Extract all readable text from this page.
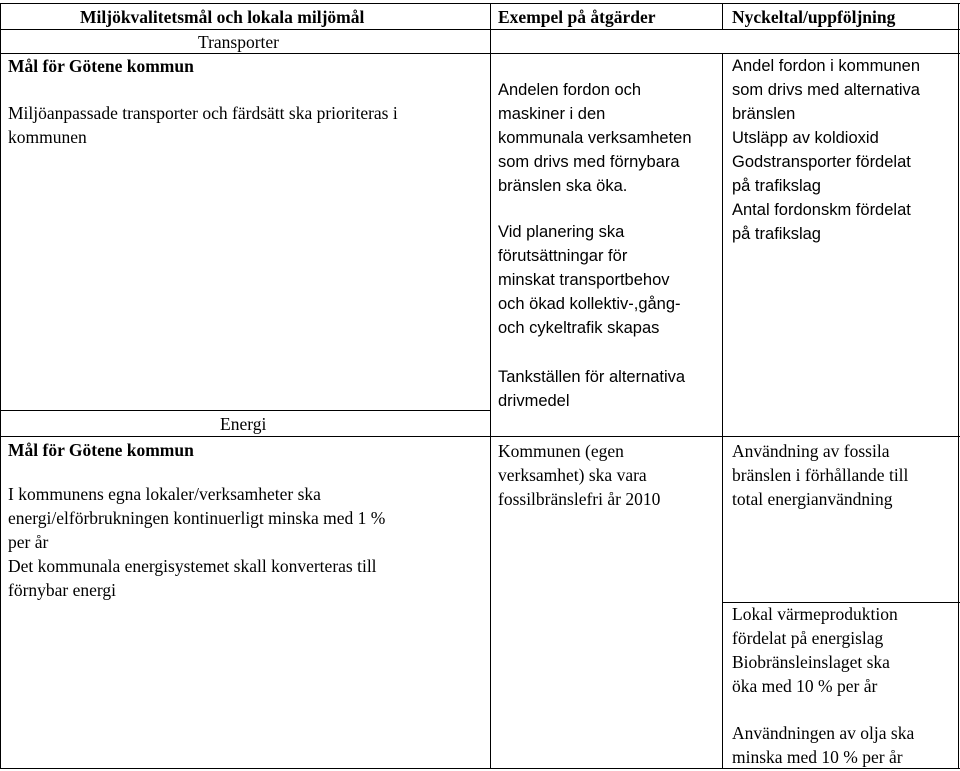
Miljökvalitetsmål och lokala miljömål	Exempel på åtgärder	Nyckeltal/uppföljning
Transporter
Mål för Götene kommun
Miljöanpassade transporter och färdsätt ska prioriteras i
kommunen
Andelen fordon och
maskiner i den
kommunala verksamheten
som drivs med förnybara
bränslen ska öka.
Vid planering ska
förutsättningar för
minskat transportbehov
och ökad kollektiv-,gång-
och cykeltrafik skapas
Tankställen för alternativa
drivmedel
Andel fordon i kommunen
som drivs med alternativa
bränslen
Utsläpp av koldioxid
Godstransporter fördelat
på trafikslag
Antal fordonskm fördelat
på trafikslag
Energi
Mål för Götene kommun
I kommunens egna lokaler/verksamheter ska
energi/elförbrukningen kontinuerligt minska med 1 %
per år
Det kommunala energisystemet skall konverteras till
förnybar energi
Kommunen (egen
verksamhet) ska vara
fossilbränslefri år 2010
Användning av fossila
bränslen i förhållande till
total energianvändning
Lokal värmeproduktion
fördelat på energislag
Biobränsleinslaget ska
öka med 10 % per år
Användningen av olja ska
minska med 10 % per år
